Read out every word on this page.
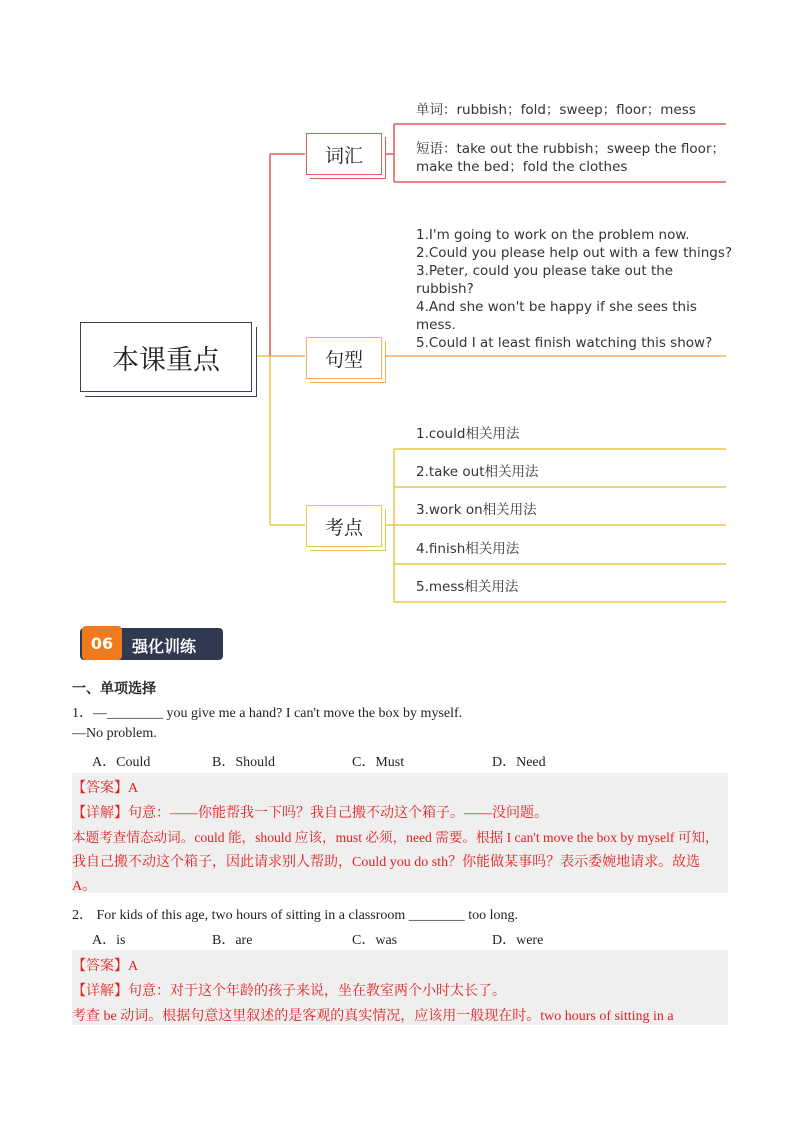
本课重点
词汇
单词：rubbish；fold；sweep；floor；mess
短语：take out the rubbish；sweep the floor；
make the bed；fold the clothes
句型
1.I'm going to work on the problem now.
2.Could you please help out with a few things?
3.Peter, could you please take out the
rubbish?
4.And she won't be happy if she sees this
mess.
5.Could I at least finish watching this show?
考点
1.could相关用法
2.take out相关用法
3.work on相关用法
4.finish相关用法
5.mess相关用法
06	强化训练
一、单项选择
1．—________ you give me a hand? I can't move the box by myself.
—No problem.
A．Could	B．Should	C．Must	D．Need
【答案】A
【详解】句意：——你能帮我一下吗？我自己搬不动这个箱子。——没问题。
本题考查情态动词。could 能，should 应该，must 必须，need 需要。根据 I can't move the box by myself 可知，
我自己搬不动这个箱子，因此请求别人帮助，Could you do sth？你能做某事吗？表示委婉地请求。故选
A。
2． For kids of this age, two hours of sitting in a classroom ________ too long.
A．is	B．are	C．was	D．were
【答案】A
【详解】句意：对于这个年龄的孩子来说，坐在教室两个小时太长了。
考查 be 动词。根据句意这里叙述的是客观的真实情况，应该用一般现在时。two hours of sitting in a
